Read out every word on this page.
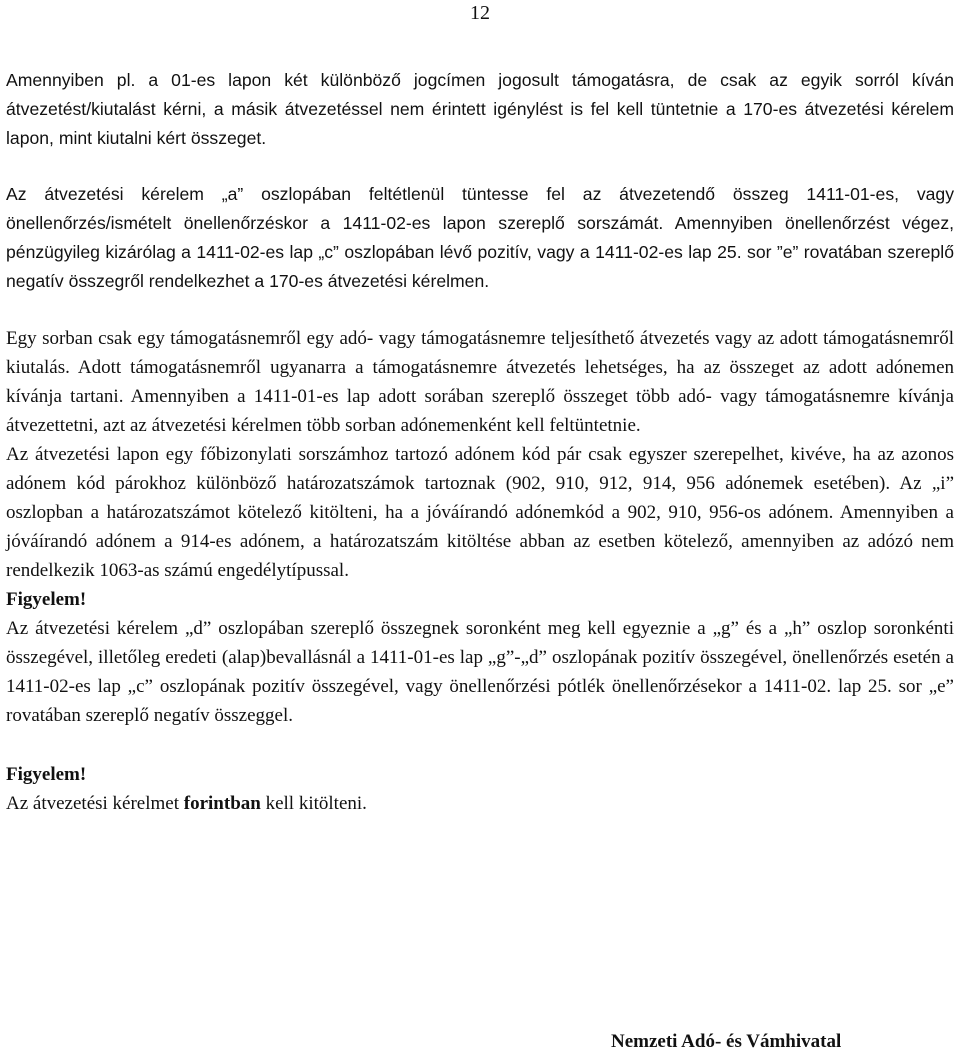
12

Amennyiben pl. a 01-es lapon két különböző jogcímen jogosult támogatásra, de csak az egyik sorról kíván átvezetést/kiutalást kérni, a másik átvezetéssel nem érintett igénylést is fel kell tüntetnie a 170-es átvezetési kérelem lapon, mint kiutalni kért összeget.

Az átvezetési kérelem „a” oszlopában feltétlenül tüntesse fel az átvezetendő összeg 1411-01-es, vagy önellenőrzés/ismételt önellenőrzéskor a 1411-02-es lapon szereplő sorszámát. Amennyiben önellenőrzést végez, pénzügyileg kizárólag a 1411-02-es lap „c” oszlopában lévő pozitív, vagy a 1411-02-es lap 25. sor ”e” rovatában szereplő negatív összegről rendelkezhet a 170-es átvezetési kérelmen.

Egy sorban csak egy támogatásnemről egy adó- vagy támogatásnemre teljesíthető átvezetés vagy az adott támogatásnemről kiutalás. Adott támogatásnemről ugyanarra a támogatásnemre átvezetés lehetséges, ha az összeget az adott adónemen kívánja tartani. Amennyiben a 1411-01-es lap adott sorában szereplő összeget több adó- vagy támogatásnemre kívánja átvezettetni, azt az átvezetési kérelmen több sorban adónemenként kell feltüntetnie.

Az átvezetési lapon egy főbizonylati sorszámhoz tartozó adónem kód pár csak egyszer szerepelhet, kivéve, ha az azonos adónem kód párokhoz különböző határozatszámok tartoznak (902, 910, 912, 914, 956 adónemek esetében). Az „i” oszlopban a határozatszámot kötelező kitölteni, ha a jóváírandó adónemkód a 902, 910, 956-os adónem. Amennyiben a jóváírandó adónem a 914-es adónem, a határozatszám kitöltése abban az esetben kötelező, amennyiben az adózó nem rendelkezik 1063-as számú engedélytípussal.

Figyelem!

Az átvezetési kérelem „d” oszlopában szereplő összegnek soronként meg kell egyeznie a „g” és a „h” oszlop soronkénti összegével, illetőleg eredeti (alap)bevallásnál a 1411-01-es lap „g”-„d” oszlopának pozitív összegével, önellenőrzés esetén a 1411-02-es lap „c” oszlopának pozitív összegével, vagy önellenőrzési pótlék önellenőrzésekor a 1411-02. lap 25. sor „e” rovatában szereplő negatív összeggel.

Figyelem!

Az átvezetési kérelmet forintban kell kitölteni.

Nemzeti Adó- és Vámhivatal
